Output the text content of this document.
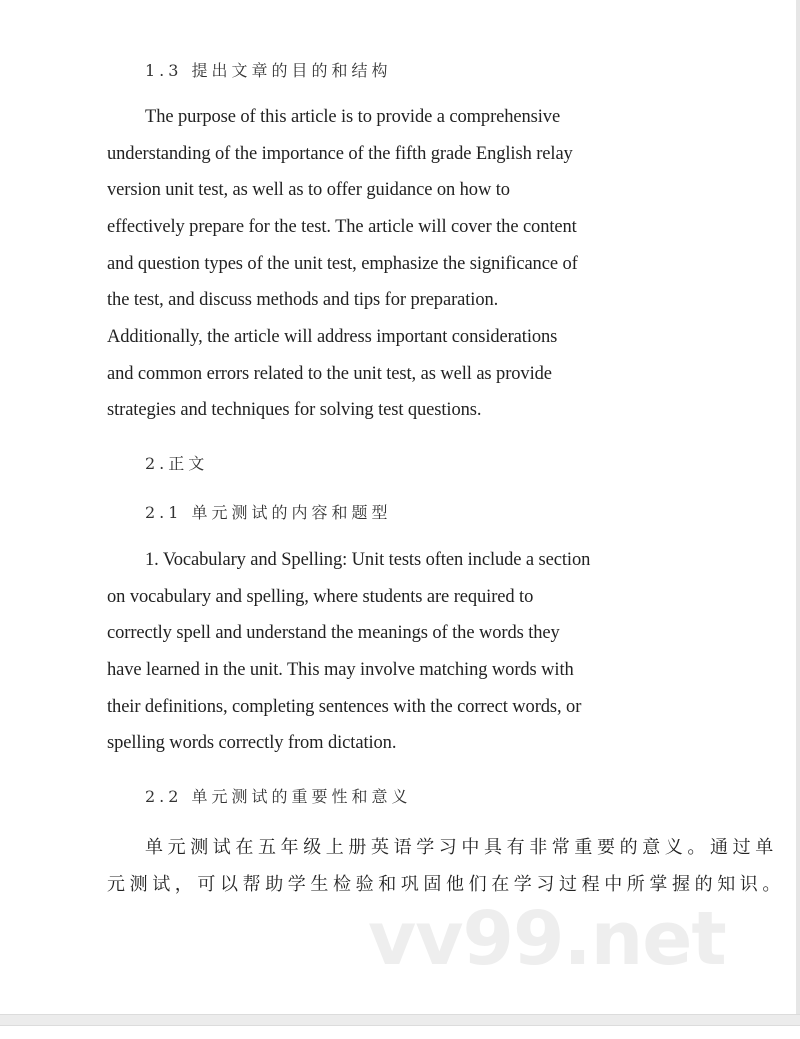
1.3 提出文章的目的和结构
The purpose of this article is to provide a comprehensive
understanding of the importance of the fifth grade English relay
version unit test, as well as to offer guidance on how to
effectively prepare for the test. The article will cover the content
and question types of the unit test, emphasize the significance of
the test, and discuss methods and tips for preparation.
Additionally, the article will address important considerations
and common errors related to the unit test, as well as provide
strategies and techniques for solving test questions.
2.正文
2.1 单元测试的内容和题型
1. Vocabulary and Spelling: Unit tests often include a section
on vocabulary and spelling, where students are required to
correctly spell and understand the meanings of the words they
have learned in the unit. This may involve matching words with
their definitions, completing sentences with the correct words, or
spelling words correctly from dictation.
2.2 单元测试的重要性和意义
单元测试在五年级上册英语学习中具有非常重要的意义。通过单
元测试，可以帮助学生检验和巩固他们在学习过程中所掌握的知识。
vv99.net
